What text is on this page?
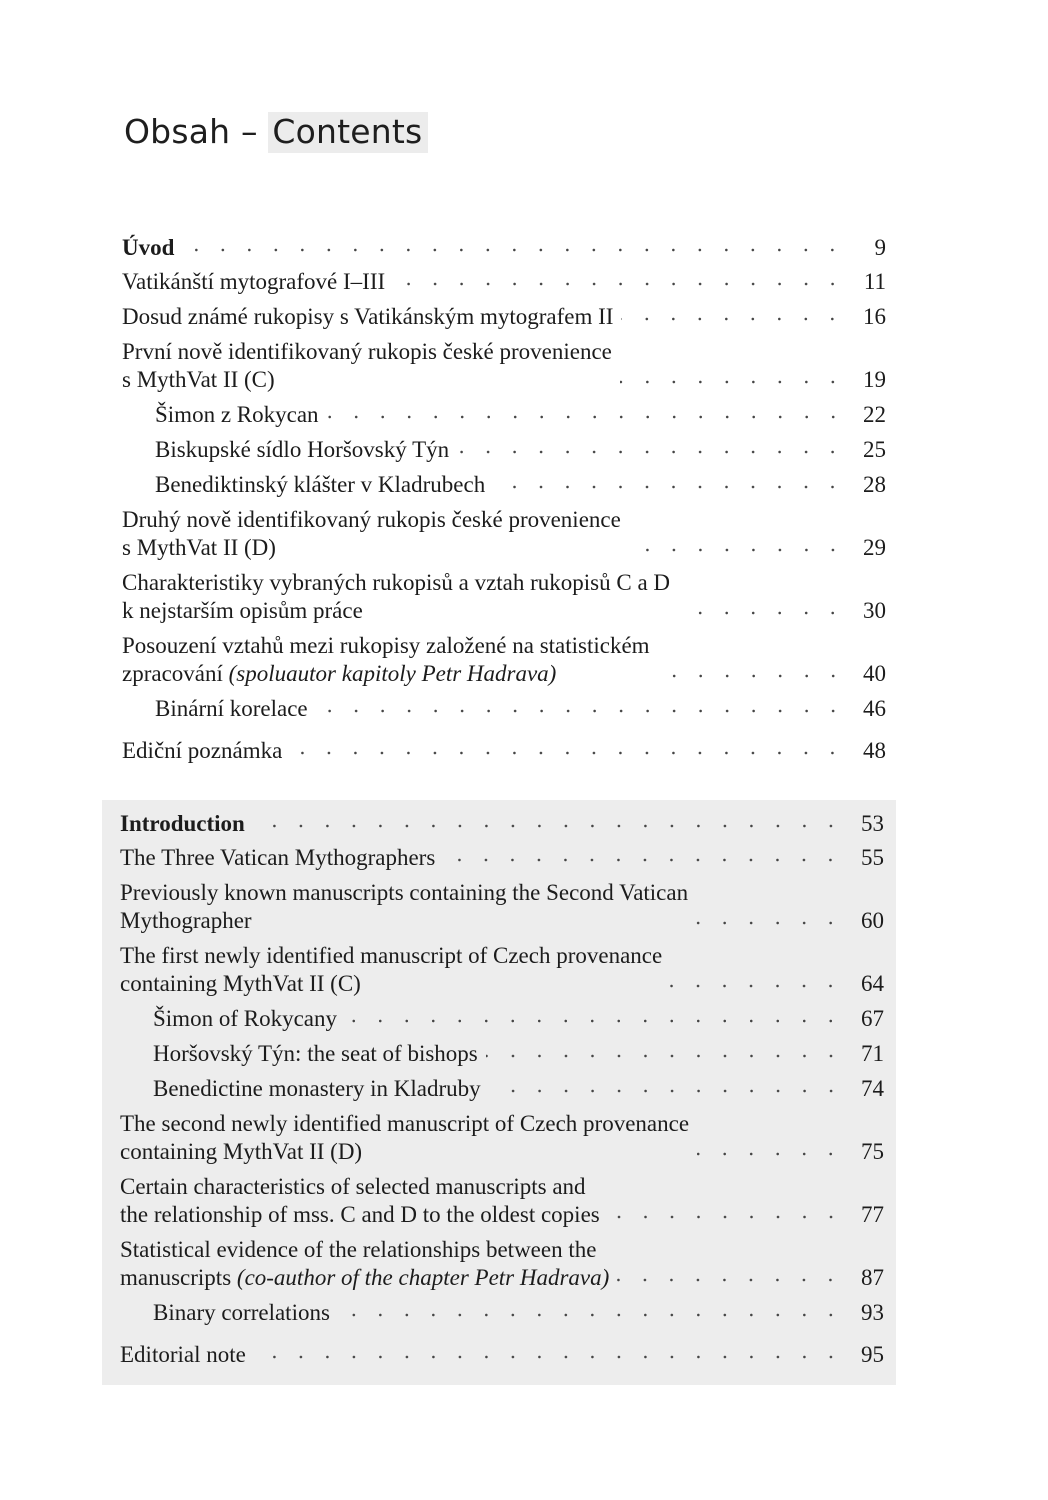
Obsah – Contents
Úvod	9
Vatikánští mytografové I–III	11
Dosud známé rukopisy s Vatikánským mytografem II	16
První nově identifikovaný rukopis české provenience
s MythVat II (C)	19
Šimon z Rokycan	22
Biskupské sídlo Horšovský Týn	25
Benediktinský klášter v Kladrubech	28
Druhý nově identifikovaný rukopis české provenience
s MythVat II (D)	29
Charakteristiky vybraných rukopisů a vztah rukopisů C a D
k nejstarším opisům práce	30
Posouzení vztahů mezi rukopisy založené na statistickém
zpracování (spoluautor kapitoly Petr Hadrava)	40
Binární korelace	46
Ediční poznámka	48
Introduction	53
The Three Vatican Mythographers	55
Previously known manuscripts containing the Second Vatican
Mythographer	60
The first newly identified manuscript of Czech provenance
containing MythVat II (C)	64
Šimon of Rokycany	67
Horšovský Týn: the seat of bishops	71
Benedictine monastery in Kladruby	74
The second newly identified manuscript of Czech provenance
containing MythVat II (D)	75
Certain characteristics of selected manuscripts and
the relationship of mss. C and D to the oldest copies	77
Statistical evidence of the relationships between the
manuscripts (co-author of the chapter Petr Hadrava)	87
Binary correlations	93
Editorial note	95
